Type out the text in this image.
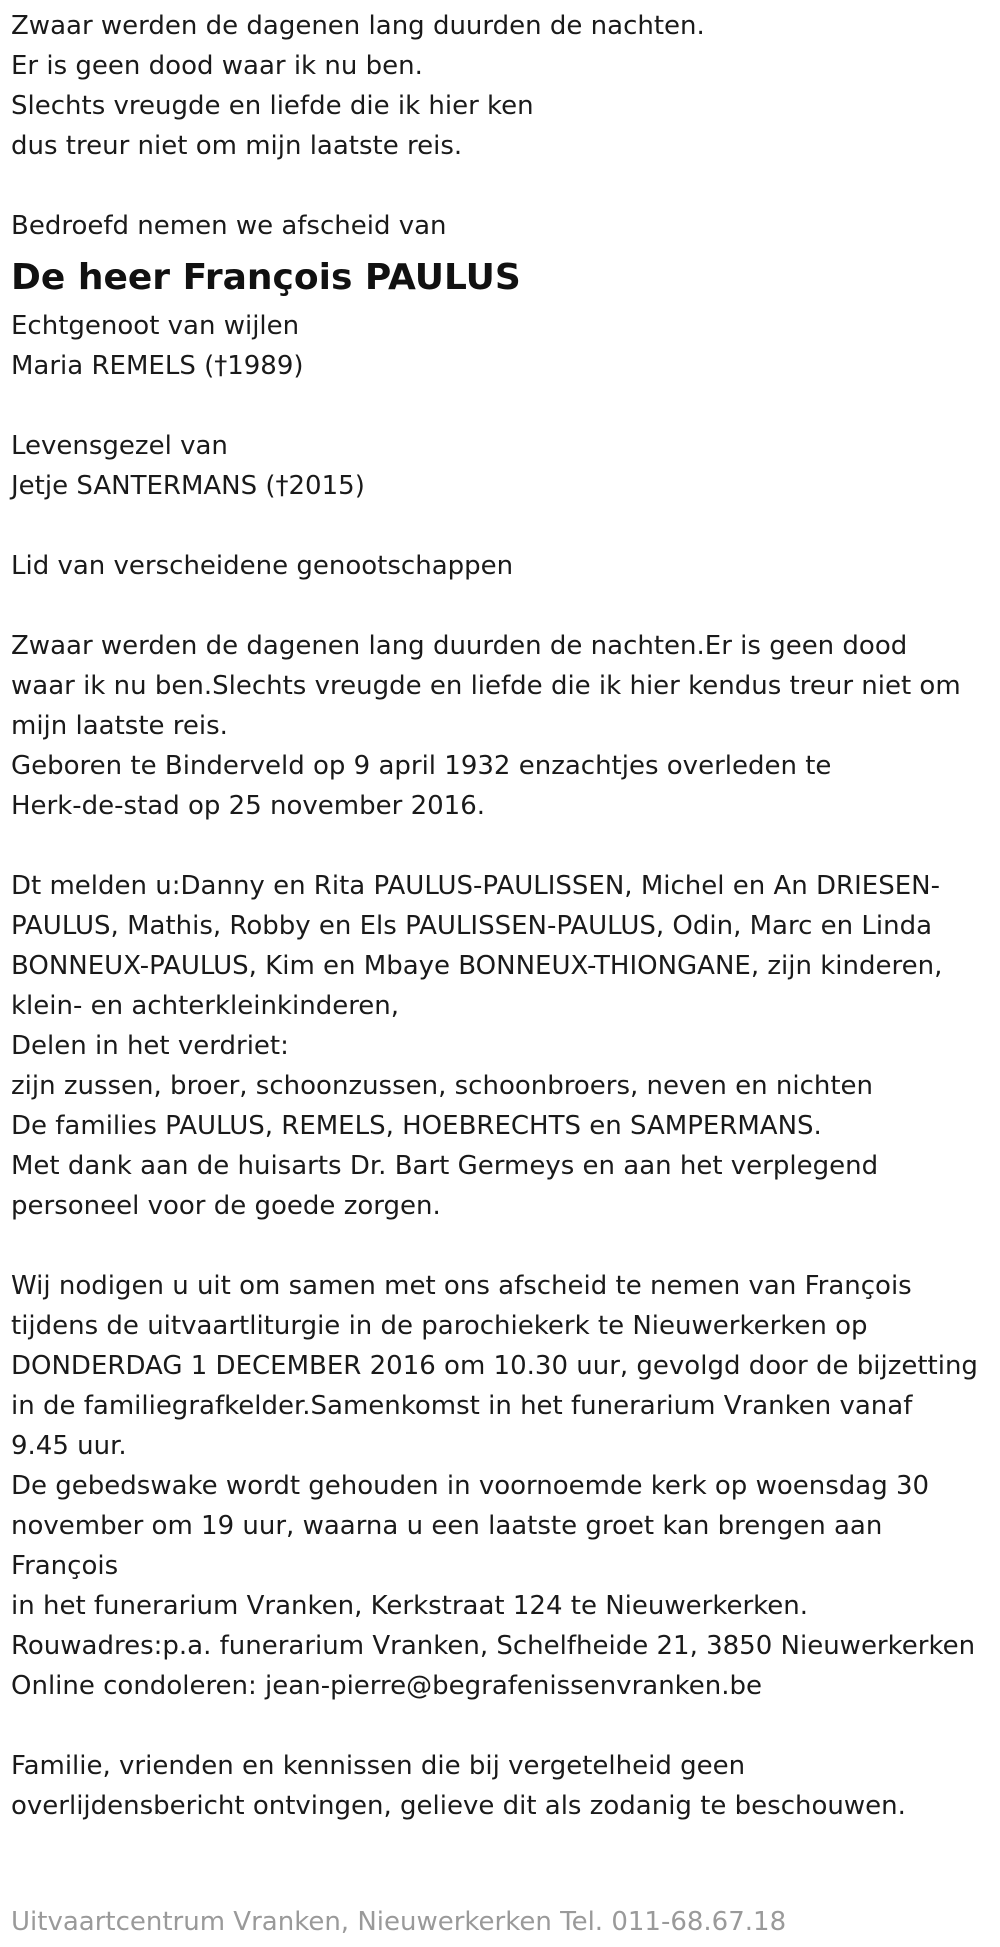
Zwaar werden de dagenen lang duurden de nachten.
Er is geen dood waar ik nu ben.
Slechts vreugde en liefde die ik hier ken
dus treur niet om mijn laatste reis.
Bedroefd nemen we afscheid van
De heer François PAULUS
Echtgenoot van wijlen
Maria REMELS (†1989)
Levensgezel van
Jetje SANTERMANS (†2015)
Lid van verscheidene genootschappen
Zwaar werden de dagenen lang duurden de nachten.Er is geen dood
waar ik nu ben.Slechts vreugde en liefde die ik hier kendus treur niet om
mijn laatste reis.
Geboren te Binderveld op 9 april 1932 enzachtjes overleden te
Herk-de-stad op 25 november 2016.
Dt melden u:Danny en Rita PAULUS-PAULISSEN, Michel en An DRIESEN-
PAULUS, Mathis, Robby en Els PAULISSEN-PAULUS, Odin, Marc en Linda
BONNEUX-PAULUS, Kim en Mbaye BONNEUX-THIONGANE, zijn kinderen,
klein- en achterkleinkinderen,
Delen in het verdriet:
zijn zussen, broer, schoonzussen, schoonbroers, neven en nichten
De families PAULUS, REMELS, HOEBRECHTS en SAMPERMANS.
Met dank aan de huisarts Dr. Bart Germeys en aan het verplegend
personeel voor de goede zorgen.
Wij nodigen u uit om samen met ons afscheid te nemen van François
tijdens de uitvaartliturgie in de parochiekerk te Nieuwerkerken op
DONDERDAG 1 DECEMBER 2016 om 10.30 uur, gevolgd door de bijzetting
in de familiegrafkelder.Samenkomst in het funerarium Vranken vanaf
9.45 uur.
De gebedswake wordt gehouden in voornoemde kerk op woensdag 30
november om 19 uur, waarna u een laatste groet kan brengen aan
François
in het funerarium Vranken, Kerkstraat 124 te Nieuwerkerken.
Rouwadres:p.a. funerarium Vranken, Schelfheide 21, 3850 Nieuwerkerken
Online condoleren: jean-pierre@begrafenissenvranken.be
Familie, vrienden en kennissen die bij vergetelheid geen
overlijdensbericht ontvingen, gelieve dit als zodanig te beschouwen.
Uitvaartcentrum Vranken, Nieuwerkerken Tel. 011-68.67.18
